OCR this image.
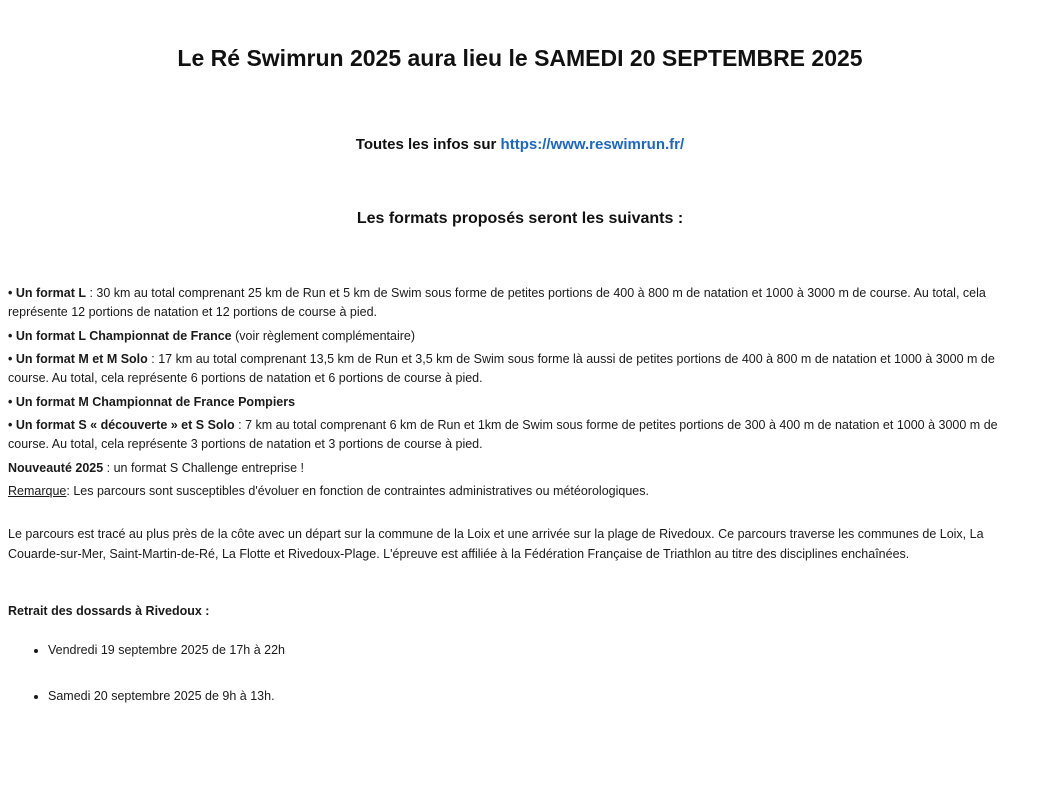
Le Ré Swimrun 2025 aura lieu le SAMEDI 20 SEPTEMBRE 2025

Toutes les infos sur https://www.reswimrun.fr/

Les formats proposés seront les suivants :

• Un format L : 30 km au total comprenant 25 km de Run et 5 km de Swim sous forme de petites portions de 400 à 800 m de natation et 1000 à 3000 m de course. Au total, cela représente 12 portions de natation et 12 portions de course à pied.

• Un format L Championnat de France (voir règlement complémentaire)

• Un format M et M Solo : 17 km au total comprenant 13,5 km de Run et 3,5 km de Swim sous forme là aussi de petites portions de 400 à 800 m de natation et 1000 à 3000 m de course. Au total, cela représente 6 portions de natation et 6 portions de course à pied.

• Un format M Championnat de France Pompiers

• Un format S « découverte » et S Solo : 7 km au total comprenant 6 km de Run et 1km de Swim sous forme de petites portions de 300 à 400 m de natation et 1000 à 3000 m de course. Au total, cela représente 3 portions de natation et 3 portions de course à pied.

Nouveauté 2025 : un format S Challenge entreprise !

Remarque: Les parcours sont susceptibles d'évoluer en fonction de contraintes administratives ou météorologiques.

Le parcours est tracé au plus près de la côte avec un départ sur la commune de la Loix et une arrivée sur la plage de Rivedoux. Ce parcours traverse les communes de Loix, La Couarde-sur-Mer, Saint-Martin-de-Ré, La Flotte et Rivedoux-Plage. L'épreuve est affiliée à la Fédération Française de Triathlon au titre des disciplines enchaînées.

Retrait des dossards à Rivedoux :

• Vendredi 19 septembre 2025 de 17h à 22h
• Samedi 20 septembre 2025 de 9h à 13h.
